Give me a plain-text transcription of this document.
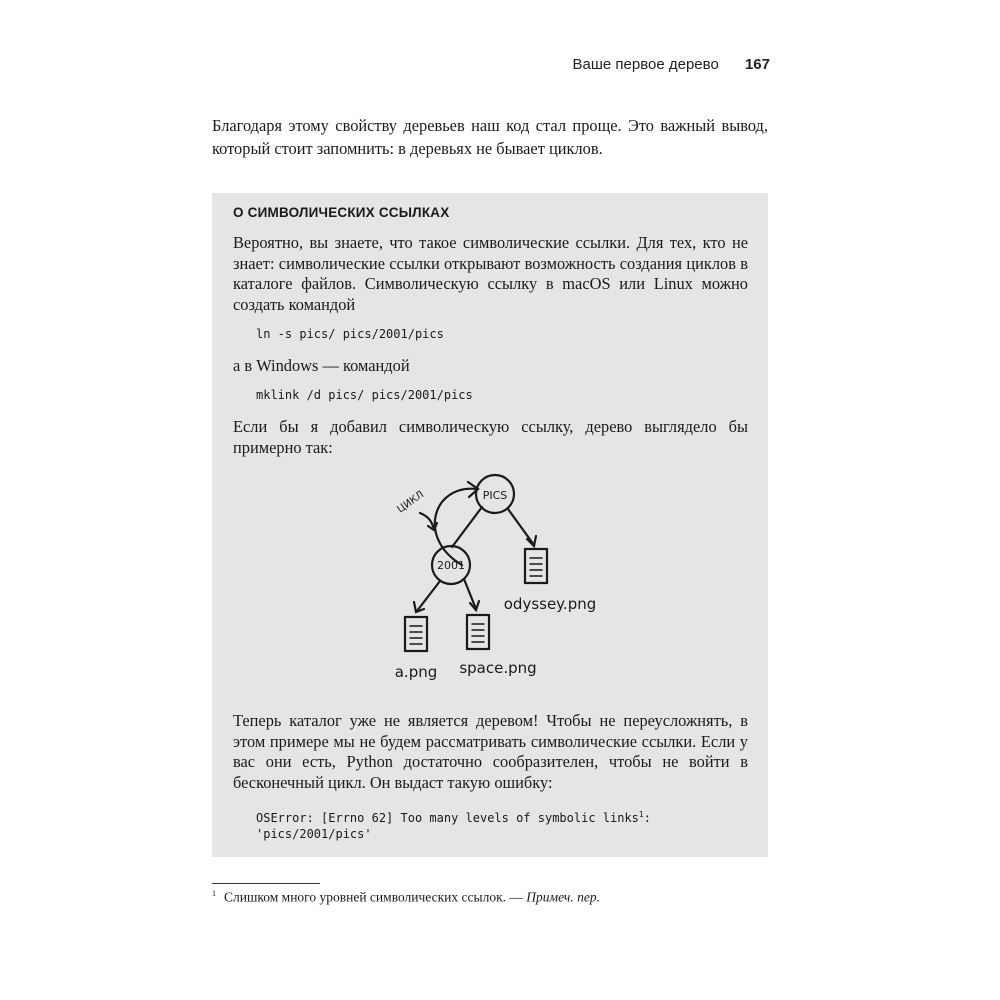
Ваше первое дерево 167

Благодаря этому свойству деревьев наш код стал проще. Это важный вывод, который стоит запомнить: в деревьях не бывает циклов.

О СИМВОЛИЧЕСКИХ ССЫЛКАХ

Вероятно, вы знаете, что такое символические ссылки. Для тех, кто не знает: символические ссылки открывают возможность создания циклов в каталоге файлов. Символическую ссылку в macOS или Linux можно создать командой

ln -s pics/ pics/2001/pics

а в Windows — командой

mklink /d pics/ pics/2001/pics

Если бы я добавил символическую ссылку, дерево выглядело бы примерно так:

PICS
2001
ЦИКЛ
odyssey.png
a.png space.png

Теперь каталог уже не является деревом! Чтобы не переусложнять, в этом примере мы не будем рассматривать символические ссылки. Если у вас они есть, Python достаточно сообразителен, чтобы не войти в бесконечный цикл. Он выдаст такую ошибку:

OSError: [Errno 62] Too many levels of symbolic links$^1$:
'pics/2001/pics'

$^1$ Слишком много уровней символических ссылок. — Примеч. пер.
